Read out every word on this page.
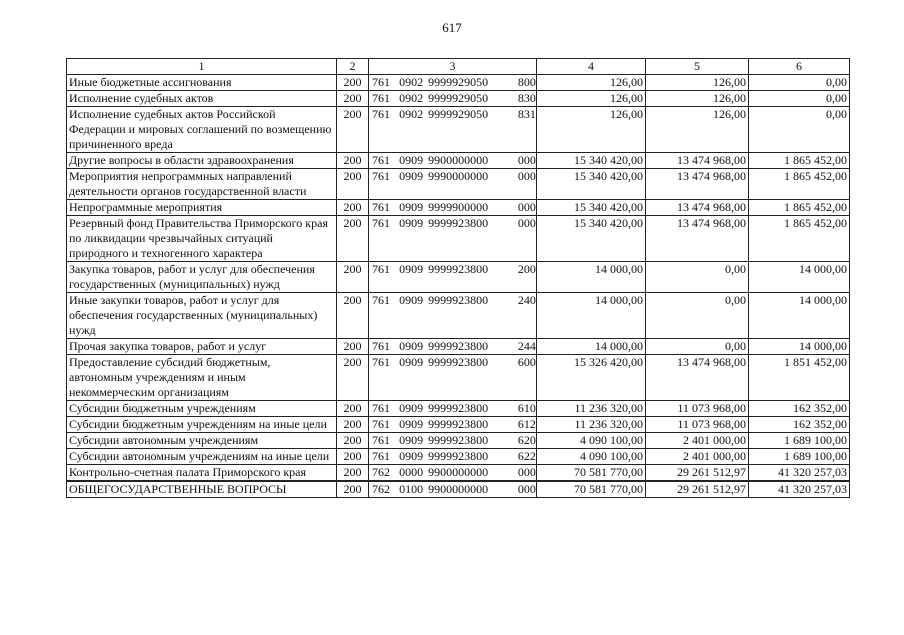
617
1	2	3	4	5	6
Иные бюджетные ассигнования	200	761 0902 9999929050 800	126,00	126,00	0,00
Исполнение судебных актов	200	761 0902 9999929050 830	126,00	126,00	0,00
Исполнение судебных актов Российской Федерации и мировых соглашений по возмещению причиненного вреда	200	761 0902 9999929050 831	126,00	126,00	0,00
Другие вопросы в области здравоохранения	200	761 0909 9900000000 000	15 340 420,00	13 474 968,00	1 865 452,00
Мероприятия непрограммных направлений деятельности органов государственной власти	200	761 0909 9990000000 000	15 340 420,00	13 474 968,00	1 865 452,00
Непрограммные мероприятия	200	761 0909 9999900000 000	15 340 420,00	13 474 968,00	1 865 452,00
Резервный фонд Правительства Приморского края по ликвидации чрезвычайных ситуаций природного и техногенного характера	200	761 0909 9999923800 000	15 340 420,00	13 474 968,00	1 865 452,00
Закупка товаров, работ и услуг для обеспечения государственных (муниципальных) нужд	200	761 0909 9999923800 200	14 000,00	0,00	14 000,00
Иные закупки товаров, работ и услуг для обеспечения государственных (муниципальных) нужд	200	761 0909 9999923800 240	14 000,00	0,00	14 000,00
Прочая закупка товаров, работ и услуг	200	761 0909 9999923800 244	14 000,00	0,00	14 000,00
Предоставление субсидий бюджетным, автономным учреждениям и иным некоммерческим организациям	200	761 0909 9999923800 600	15 326 420,00	13 474 968,00	1 851 452,00
Субсидии бюджетным учреждениям	200	761 0909 9999923800 610	11 236 320,00	11 073 968,00	162 352,00
Субсидии бюджетным учреждениям на иные цели	200	761 0909 9999923800 612	11 236 320,00	11 073 968,00	162 352,00
Субсидии автономным учреждениям	200	761 0909 9999923800 620	4 090 100,00	2 401 000,00	1 689 100,00
Субсидии автономным учреждениям на иные цели	200	761 0909 9999923800 622	4 090 100,00	2 401 000,00	1 689 100,00
Контрольно-счетная палата Приморского края	200	762 0000 9900000000 000	70 581 770,00	29 261 512,97	41 320 257,03
ОБЩЕГОСУДАРСТВЕННЫЕ ВОПРОСЫ	200	762 0100 9900000000 000	70 581 770,00	29 261 512,97	41 320 257,03
